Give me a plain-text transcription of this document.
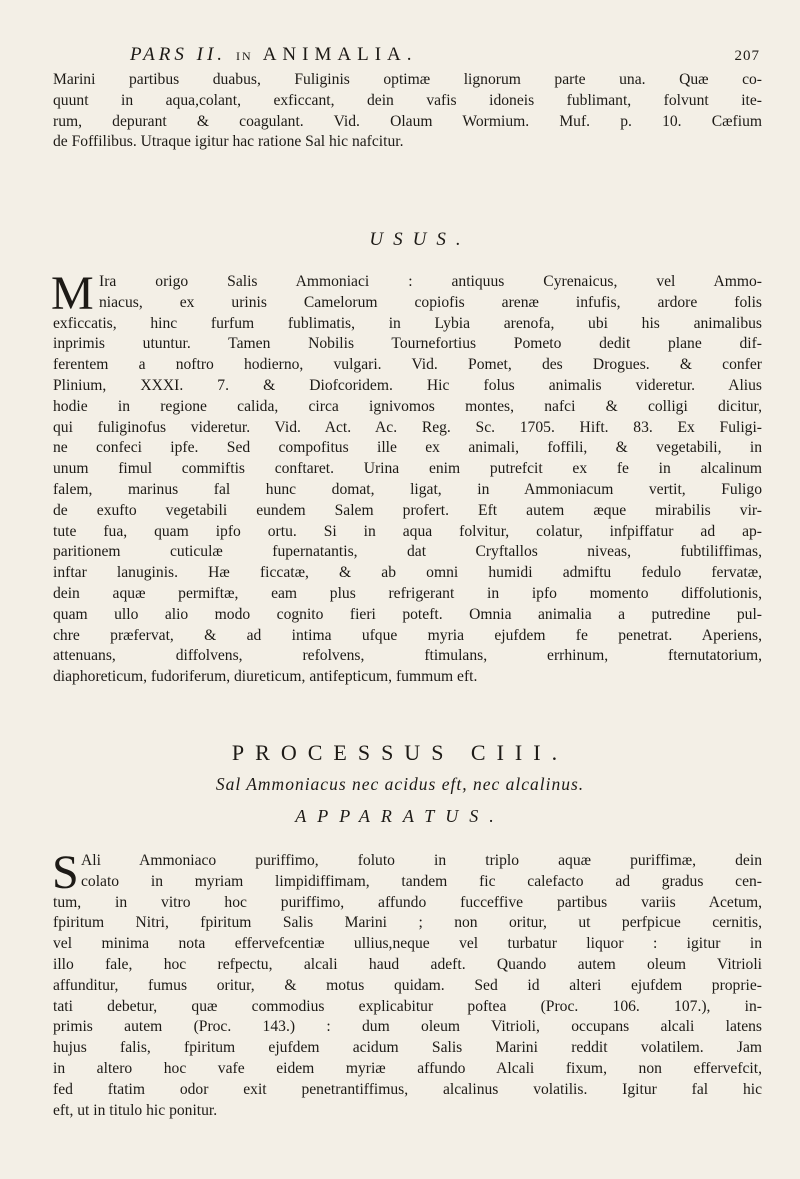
PARS II. IN ANIMALIA.	207
Marini partibus duabus, Fuliginis optimæ lignorum parte una. Quæ co-
quunt in aqua,colant, exficcant, dein vafis idoneis fublimant, folvunt ite-
rum, depurant & coagulant. Vid. Olaum Wormium. Muf. p. 10. Cæfium
de Foffilibus. Utraque igitur hac ratione Sal hic nafcitur.
USUS.
M Ira origo Salis Ammoniaci : antiquus Cyrenaicus, vel Ammo-
niacus, ex urinis Camelorum copiofis arenæ infufis, ardore folis
exficcatis, hinc furfum fublimatis, in Lybia arenofa, ubi his animalibus
inprimis utuntur. Tamen Nobilis Tournefortius Pometo dedit plane dif-
ferentem a noftro hodierno, vulgari. Vid. Pomet, des Drogues. & confer
Plinium, XXXI. 7. & Diofcoridem. Hic folus animalis videretur. Alius
hodie in regione calida, circa ignivomos montes, nafci & colligi dicitur,
qui fuliginofus videretur. Vid. Act. Ac. Reg. Sc. 1705. Hift. 83. Ex Fuligi-
ne confeci ipfe. Sed compofitus ille ex animali, foffili, & vegetabili, in
unum fimul commiftis conftaret. Urina enim putrefcit ex fe in alcalinum
falem, marinus fal hunc domat, ligat, in Ammoniacum vertit, Fuligo
de exufto vegetabili eundem Salem profert. Eft autem æque mirabilis vir-
tute fua, quam ipfo ortu. Si in aqua folvitur, colatur, infpiffatur ad ap-
paritionem cuticulæ fupernatantis, dat Cryftallos niveas, fubtiliffimas,
inftar lanuginis. Hæ ficcatæ, & ab omni humidi admiftu fedulo fervatæ,
dein aquæ permiftæ, eam plus refrigerant in ipfo momento diffolutionis,
quam ullo alio modo cognito fieri poteft. Omnia animalia a putredine pul-
chre præfervat, & ad intima ufque myria ejufdem fe penetrat. Aperiens,
attenuans, diffolvens, refolvens, ftimulans, errhinum, fternutatorium,
diaphoreticum, fudoriferum, diureticum, antifepticum, fummum eft.
PROCESSUS CIII.
Sal Ammoniacus nec acidus eft, nec alcalinus.
APPARATUS.
S Ali Ammoniaco puriffimo, foluto in triplo aquæ puriffimæ, dein
colato in myriam limpidiffimam, tandem fic calefacto ad gradus cen-
tum, in vitro hoc puriffimo, affundo fucceffive partibus variis Acetum,
fpiritum Nitri, fpiritum Salis Marini ; non oritur, ut perfpicue cernitis,
vel minima nota effervefcentiæ ullius,neque vel turbatur liquor : igitur in
illo fale, hoc refpectu, alcali haud adeft. Quando autem oleum Vitrioli
affunditur, fumus oritur, & motus quidam. Sed id alteri ejufdem proprie-
tati debetur, quæ commodius explicabitur poftea (Proc. 106. 107.), in-
primis autem (Proc. 143.) : dum oleum Vitrioli, occupans alcali latens
hujus falis, fpiritum ejufdem acidum Salis Marini reddit volatilem. Jam
in altero hoc vafe eidem myriæ affundo Alcali fixum, non effervefcit,
fed ftatim odor exit penetrantiffimus, alcalinus volatilis. Igitur fal hic
eft, ut in titulo hic ponitur.
